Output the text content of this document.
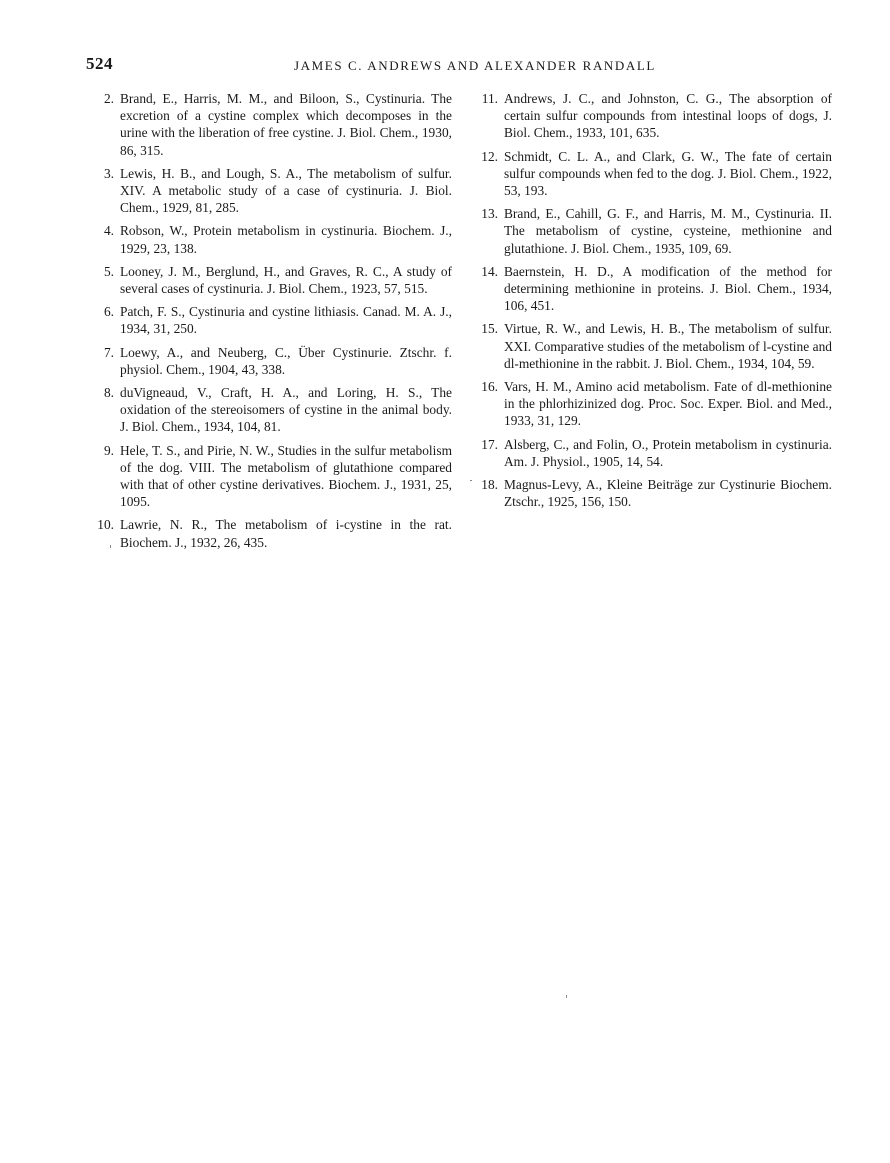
524	JAMES C. ANDREWS AND ALEXANDER RANDALL
2. Brand, E., Harris, M. M., and Biloon, S., Cystinuria. The excretion of a cystine complex which decomposes in the urine with the liberation of free cystine. J. Biol. Chem., 1930, 86, 315.
3. Lewis, H. B., and Lough, S. A., The metabolism of sulfur. XIV. A metabolic study of a case of cystinuria. J. Biol. Chem., 1929, 81, 285.
4. Robson, W., Protein metabolism in cystinuria. Biochem. J., 1929, 23, 138.
5. Looney, J. M., Berglund, H., and Graves, R. C., A study of several cases of cystinuria. J. Biol. Chem., 1923, 57, 515.
6. Patch, F. S., Cystinuria and cystine lithiasis. Canad. M. A. J., 1934, 31, 250.
7. Loewy, A., and Neuberg, C., Über Cystinurie. Ztschr. f. physiol. Chem., 1904, 43, 338.
8. duVigneaud, V., Craft, H. A., and Loring, H. S., The oxidation of the stereoisomers of cystine in the animal body. J. Biol. Chem., 1934, 104, 81.
9. Hele, T. S., and Pirie, N. W., Studies in the sulfur metabolism of the dog. VIII. The metabolism of glutathione compared with that of other cystine derivatives. Biochem. J., 1931, 25, 1095.
10. Lawrie, N. R., The metabolism of i-cystine in the rat. Biochem. J., 1932, 26, 435.
11. Andrews, J. C., and Johnston, C. G., The absorption of certain sulfur compounds from intestinal loops of dogs, J. Biol. Chem., 1933, 101, 635.
12. Schmidt, C. L. A., and Clark, G. W., The fate of certain sulfur compounds when fed to the dog. J. Biol. Chem., 1922, 53, 193.
13. Brand, E., Cahill, G. F., and Harris, M. M., Cystinuria. II. The metabolism of cystine, cysteine, methionine and glutathione. J. Biol. Chem., 1935, 109, 69.
14. Baernstein, H. D., A modification of the method for determining methionine in proteins. J. Biol. Chem., 1934, 106, 451.
15. Virtue, R. W., and Lewis, H. B., The metabolism of sulfur. XXI. Comparative studies of the metabolism of l-cystine and dl-methionine in the rabbit. J. Biol. Chem., 1934, 104, 59.
16. Vars, H. M., Amino acid metabolism. Fate of dl-methionine in the phlorhizinized dog. Proc. Soc. Exper. Biol. and Med., 1933, 31, 129.
17. Alsberg, C., and Folin, O., Protein metabolism in cystinuria. Am. J. Physiol., 1905, 14, 54.
18. Magnus-Levy, A., Kleine Beiträge zur Cystinurie Biochem. Ztschr., 1925, 156, 150.
